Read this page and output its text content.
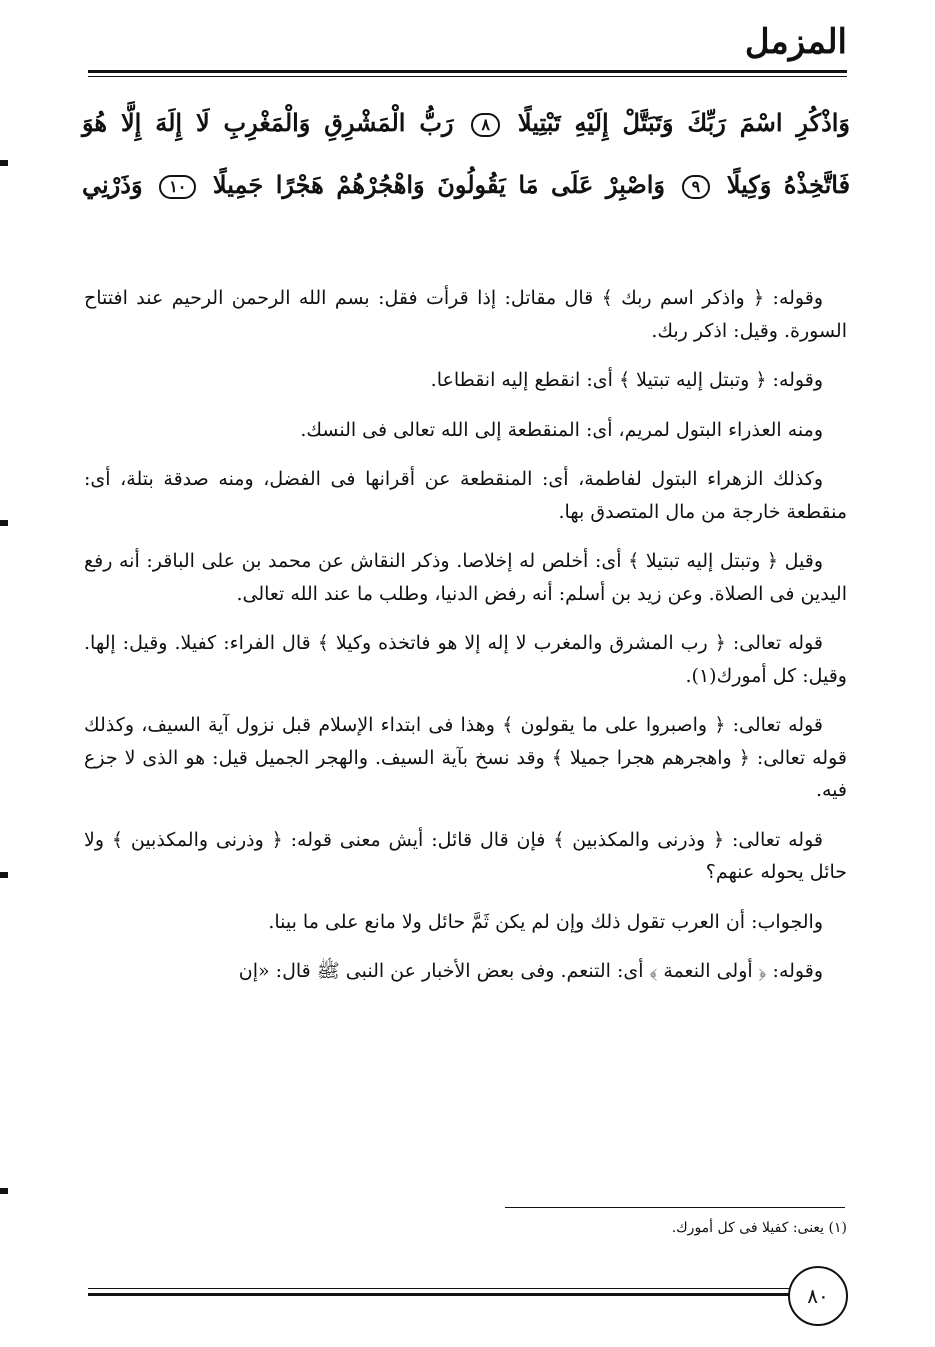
المزمل
وَاذْكُرِ اسْمَ رَبِّكَ وَتَبَتَّلْ إِلَيْهِ تَبْتِيلًا ٨ رَبُّ الْمَشْرِقِ وَالْمَغْرِبِ لَا إِلَهَ إِلَّا هُوَ
فَاتَّخِذْهُ وَكِيلًا ٩ وَاصْبِرْ عَلَى مَا يَقُولُونَ وَاهْجُرْهُمْ هَجْرًا جَمِيلًا ١٠ وَذَرْنِي

وقوله: ﴿ واذكر اسم ربك ﴾ قال مقاتل: إذا قرأت فقل: بسم الله الرحمن الرحيم عند افتتاح السورة. وقيل: اذكر ربك.

وقوله: ﴿ وتبتل إليه تبتيلا ﴾ أى: انقطع إليه انقطاعا.

ومنه العذراء البتول لمريم، أى: المنقطعة إلى الله تعالى فى النسك.

وكذلك الزهراء البتول لفاطمة، أى: المنقطعة عن أقرانها فى الفضل، ومنه صدقة بتلة، أى: منقطعة خارجة من مال المتصدق بها.

وقيل ﴿ وتبتل إليه تبتيلا ﴾ أى: أخلص له إخلاصا. وذكر النقاش عن محمد بن على الباقر: أنه رفع اليدين فى الصلاة. وعن زيد بن أسلم: أنه رفض الدنيا، وطلب ما عند الله تعالى.

قوله تعالى: ﴿ رب المشرق والمغرب لا إله إلا هو فاتخذه وكيلا ﴾ قال الفراء: كفيلا. وقيل: إلها. وقيل: كل أمورك(١).

قوله تعالى: ﴿ واصبروا على ما يقولون ﴾ وهذا فى ابتداء الإسلام قبل نزول آية السيف، وكذلك قوله تعالى: ﴿ واهجرهم هجرا جميلا ﴾ وقد نسخ بآية السيف. والهجر الجميل قيل: هو الذى لا جزع فيه.

قوله تعالى: ﴿ وذرنى والمكذبين ﴾ فإن قال قائل: أيش معنى قوله: ﴿ وذرنى والمكذبين ﴾ ولا حائل يحوله عنهم؟

والجواب: أن العرب تقول ذلك وإن لم يكن ثَمَّ حائل ولا مانع على ما بينا.

وقوله: ﴿ أولى النعمة ﴾ أى: التنعم. وفى بعض الأخبار عن النبى ﷺ قال: «إن

(١) يعنى: كفيلا فى كل أمورك.
٨٠
